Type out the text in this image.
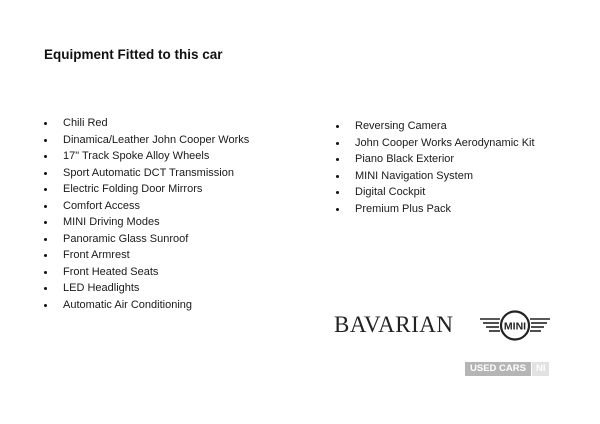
Equipment Fitted to this car
Chili Red
Dinamica/Leather John Cooper Works
17" Track Spoke Alloy Wheels
Sport Automatic DCT Transmission
Electric Folding Door Mirrors
Comfort Access
MINI Driving Modes
Panoramic Glass Sunroof
Front Armrest
Front Heated Seats
LED Headlights
Automatic Air Conditioning
Reversing Camera
John Cooper Works Aerodynamic Kit
Piano Black Exterior
MINI Navigation System
Digital Cockpit
Premium Plus Pack
BAVARIAN	MINI
USED CARS	NI
